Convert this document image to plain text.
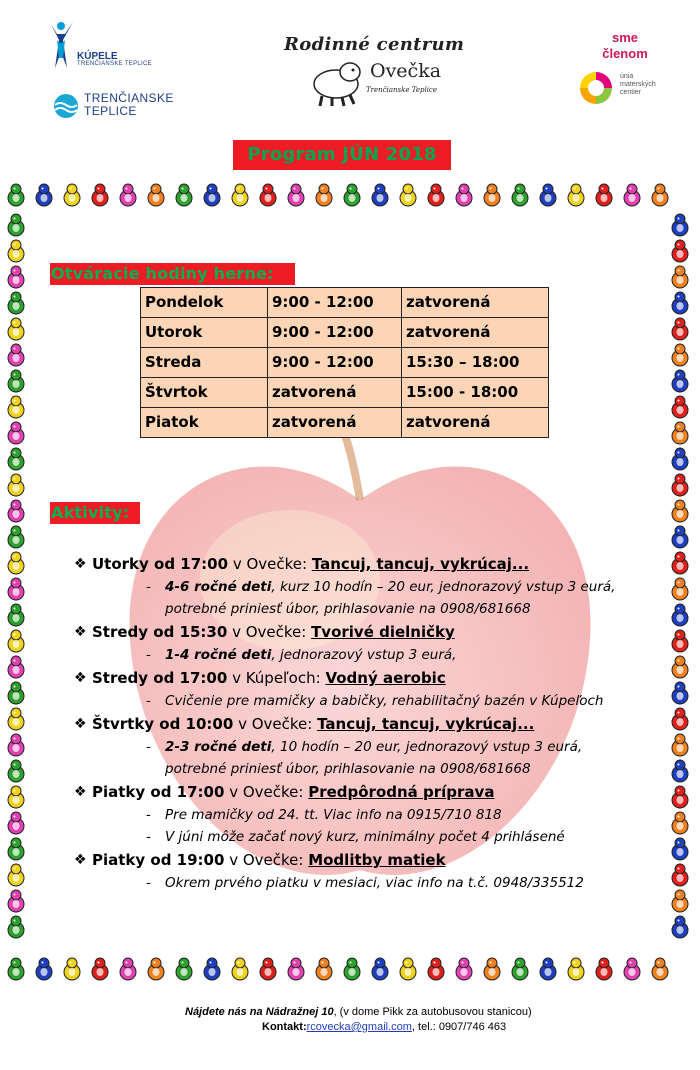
KÚPELE
TRENČIANSKE TEPLICE
TRENČIANSKE
TEPLICE
Rodinné centrum
Ovečka
Trenčianske Teplice
sme
členom
únia
materských
centier
Program JÚN 2018
Otváracie hodiny herne:
Pondelok	9:00 - 12:00	zatvorená
Utorok	9:00 - 12:00	zatvorená
Streda	9:00 - 12:00	15:30 – 18:00
Štvrtok	zatvorená	15:00 - 18:00
Piatok	zatvorená	zatvorená
Aktivity:
❖ Utorky od 17:00 v Ovečke: Tancuj, tancuj, vykrúcaj...
- 4-6 ročné deti, kurz 10 hodín – 20 eur, jednorazový vstup 3 eurá,
potrebné priniesť úbor, prihlasovanie na 0908/681668
❖ Stredy od 15:30 v Ovečke: Tvorivé dielničky
- 1-4 ročné deti, jednorazový vstup 3 eurá,
❖ Stredy od 17:00 v Kúpeľoch: Vodný aerobic
- Cvičenie pre mamičky a babičky, rehabilitačný bazén v Kúpeľoch
❖ Štvrtky od 10:00 v Ovečke: Tancuj, tancuj, vykrúcaj...
- 2-3 ročné deti, 10 hodín – 20 eur, jednorazový vstup 3 eurá,
potrebné priniesť úbor, prihlasovanie na 0908/681668
❖ Piatky od 17:00 v Ovečke: Predpôrodná príprava
- Pre mamičky od 24. tt. Viac info na 0915/710 818
- V júni môže začať nový kurz, minimálny počet 4 prihlásené
❖ Piatky od 19:00 v Ovečke: Modlitby matiek
- Okrem prvého piatku v mesiaci, viac info na t.č. 0948/335512
Nájdete nás na Nádražnej 10, (v dome Pikk za autobusovou stanicou)
Kontakt:rcovecka@gmail.com, tel.: 0907/746 463
